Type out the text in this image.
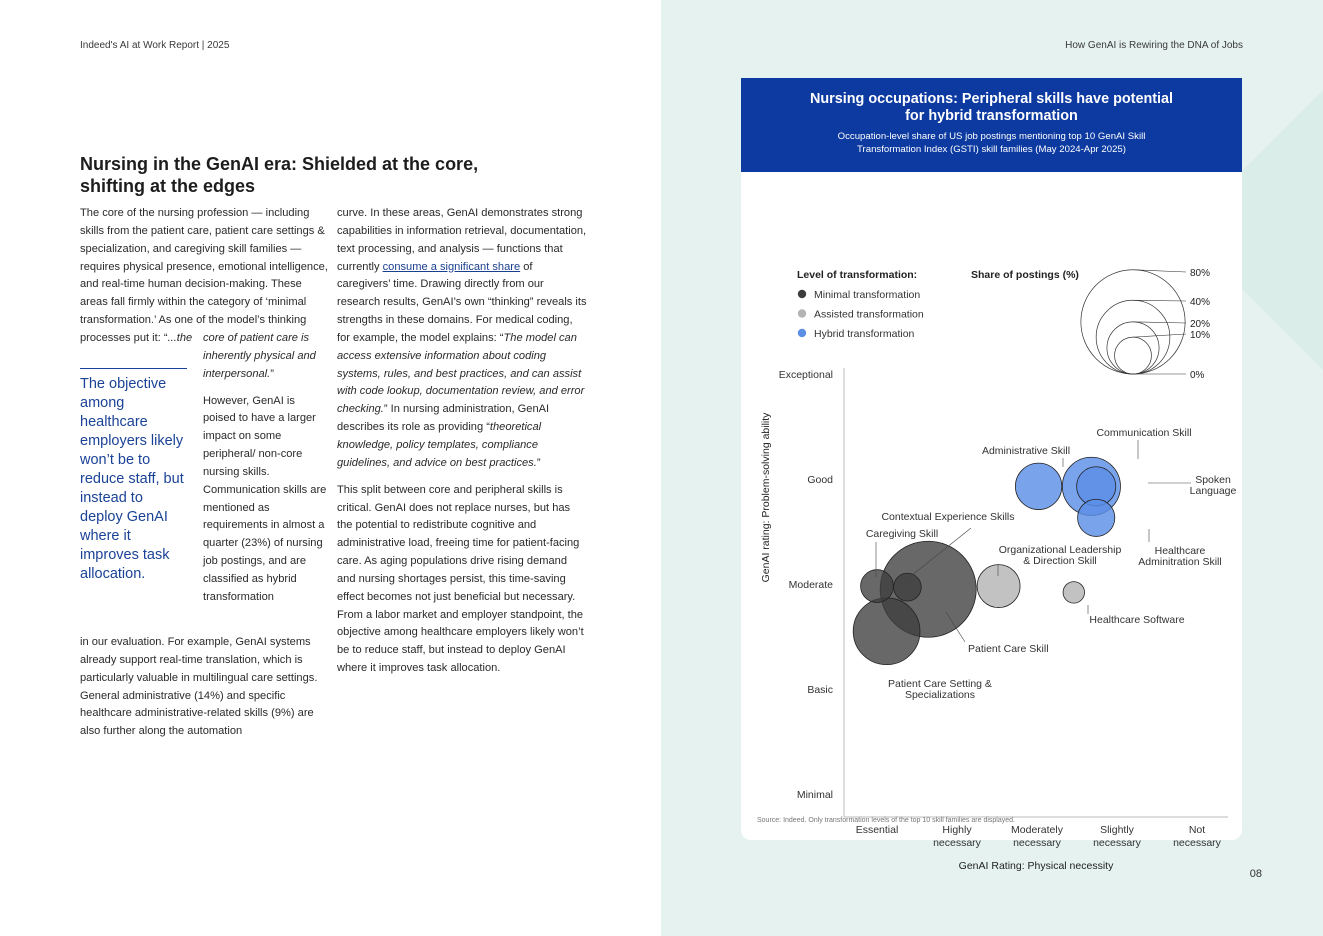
Indeed's AI at Work Report | 2025	How GenAI is Rewiring the DNA of Jobs
Nursing in the GenAI era: Shielded at the core, shifting at the edges

The core of the nursing profession — including skills from the patient care, patient care settings & specialization, and caregiving skill families — requires physical presence, emotional intelligence, and real-time human decision-making. These areas fall firmly within the category of ‘minimal transformation.’ As one of the model’s thinking processes put it: “...the

The objective among healthcare employers likely won’t be to reduce staff, but instead to deploy GenAI where it improves task allocation.

core of patient care is inherently physical and interpersonal.”

However, GenAI is poised to have a larger impact on some peripheral/ non-core nursing skills. Communication skills are mentioned as requirements in almost a quarter (23%) of nursing job postings, and are classified as hybrid transformation

in our evaluation. For example, GenAI systems already support real-time translation, which is particularly valuable in multilingual care settings. General administrative (14%) and specific healthcare administrative-related skills (9%) are also further along the automation

curve. In these areas, GenAI demonstrates strong capabilities in information retrieval, documentation, text processing, and analysis — functions that currently consume a significant share of caregivers’ time. Drawing directly from our research results, GenAI’s own “thinking” reveals its strengths in these domains. For medical coding, for example, the model explains: “The model can access extensive information about coding systems, rules, and best practices, and can assist with code lookup, documentation review, and error checking.” In nursing administration, GenAI describes its role as providing “theoretical knowledge, policy templates, compliance guidelines, and advice on best practices.”

This split between core and peripheral skills is critical. GenAI does not replace nurses, but has the potential to redistribute cognitive and administrative load, freeing time for patient-facing care. As aging populations drive rising demand and nursing shortages persist, this time-saving effect becomes not just beneficial but necessary. From a labor market and employer standpoint, the objective among healthcare employers likely won’t be to reduce staff, but instead to deploy GenAI where it improves task allocation.

Nursing occupations: Peripheral skills have potential for hybrid transformation
Occupation-level share of US job postings mentioning top 10 GenAI Skill Transformation Index (GSTI) skill families (May 2024-Apr 2025)
Minimal
Basic
Moderate
Good
Exceptional
Essential	Highly necessary
Moderately necessary
Slightly necessary
Not necessary
GenAI Rating: Physical necessity
GenAI rating: Problem-solving ability
Level of transformation:
Minimal transformation
Assisted transformation
Hybrid transformation
Share of postings (%)	80%
40%
20%
10%
0%
Contextual Experience Skills
Patient Care Setting & Specializations
Caregiving Skill
Patient Care Skill
Organizational Leadership & Direction Skill
Healthcare Software
Administrative Skill
Communication Skill
Spoken Language
Healthcare Adminitration Skill
Source: Indeed. Only transformation levels of the top 10 skill families are displayed.
08
